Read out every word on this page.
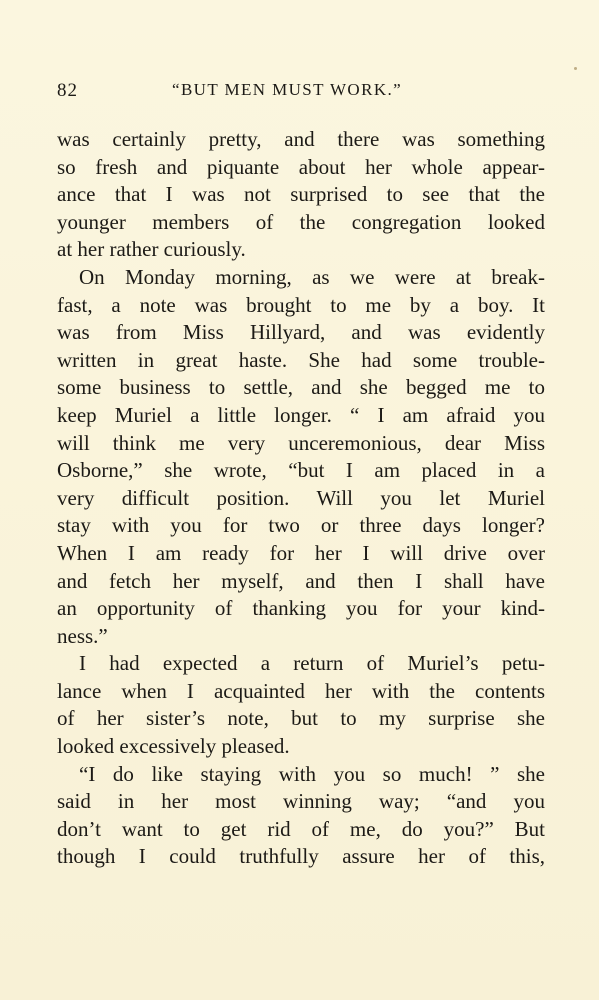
82	“BUT MEN MUST WORK.”
was certainly pretty, and there was something
so fresh and piquante about her whole appear-
ance that I was not surprised to see that the
younger members of the congregation looked
at her rather curiously.
On Monday morning, as we were at break-
fast, a note was brought to me by a boy. It
was from Miss Hillyard, and was evidently
written in great haste. She had some trouble-
some business to settle, and she begged me to
keep Muriel a little longer. “ I am afraid you
will think me very unceremonious, dear Miss
Osborne,” she wrote, “but I am placed in a
very difficult position. Will you let Muriel
stay with you for two or three days longer?
When I am ready for her I will drive over
and fetch her myself, and then I shall have
an opportunity of thanking you for your kind-
ness.”
I had expected a return of Muriel’s petu-
lance when I acquainted her with the contents
of her sister’s note, but to my surprise she
looked excessively pleased.
“I do like staying with you so much! ” she
said in her most winning way; “and you
don’t want to get rid of me, do you?” But
though I could truthfully assure her of this,
